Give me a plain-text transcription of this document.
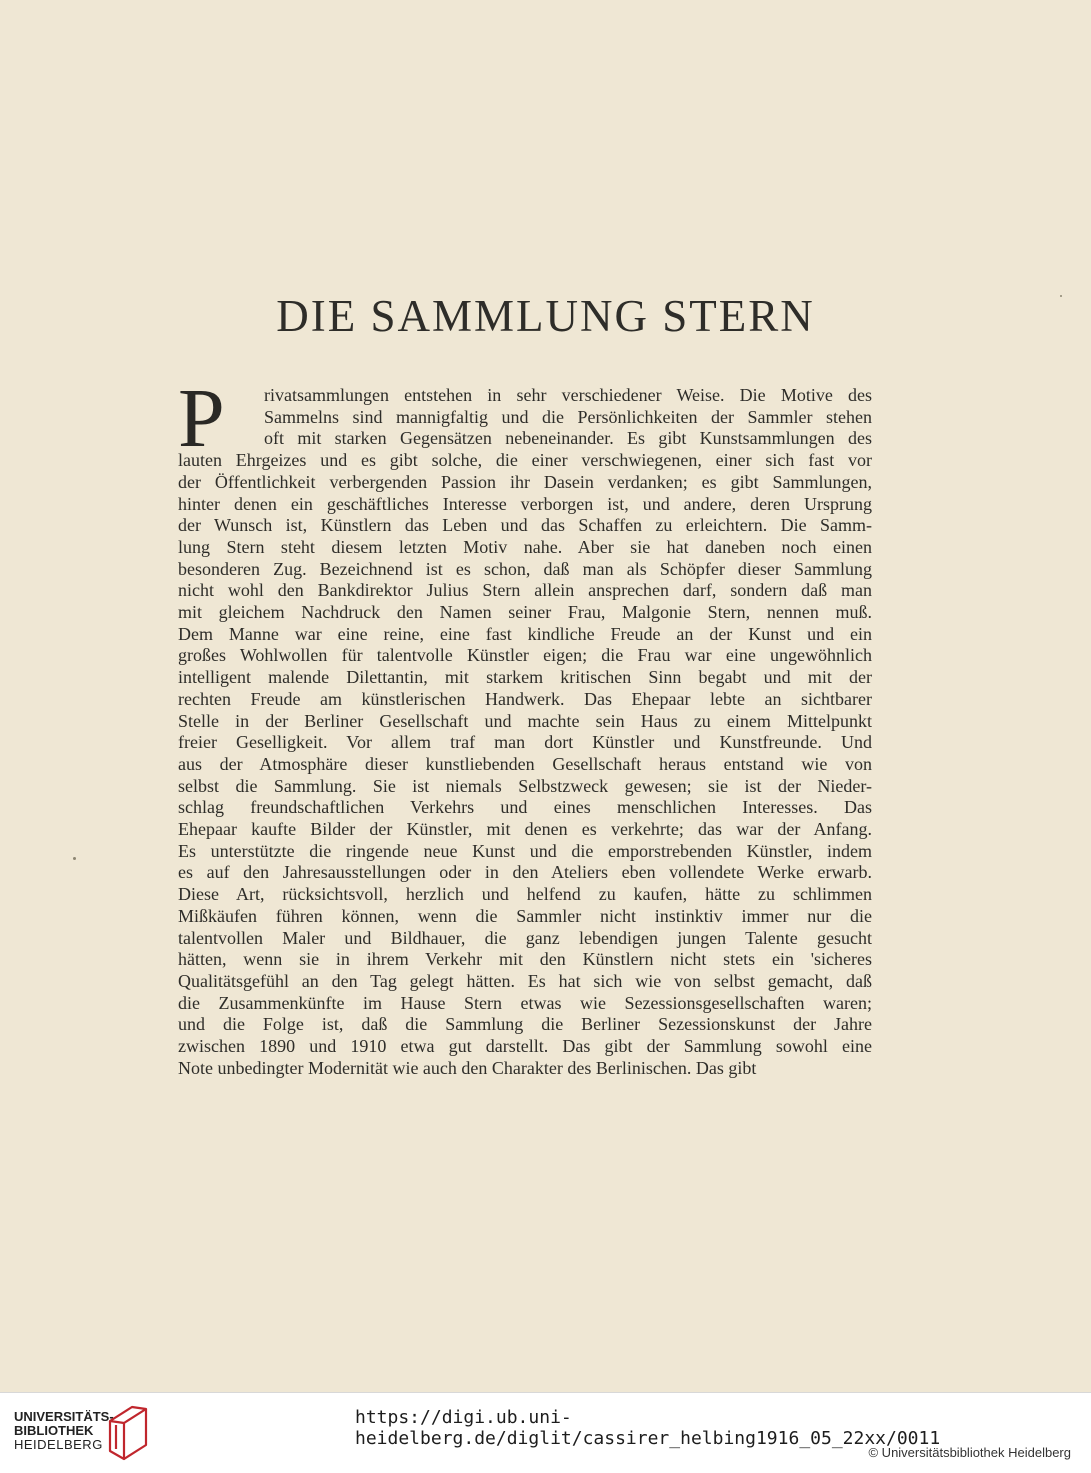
DIE SAMMLUNG STERN
P	rivatsammlungen entstehen in sehr verschiedener Weise. Die Motive des
Sammelns sind mannigfaltig und die Persönlichkeiten der Sammler stehen
oft mit starken Gegensätzen nebeneinander. Es gibt Kunstsammlungen des
lauten Ehrgeizes und es gibt solche, die einer verschwiegenen, einer sich fast vor
der Öffentlichkeit verbergenden Passion ihr Dasein verdanken; es gibt Sammlungen,
hinter denen ein geschäftliches Interesse verborgen ist, und andere, deren Ursprung
der Wunsch ist, Künstlern das Leben und das Schaffen zu erleichtern. Die Samm-
lung Stern steht diesem letzten Motiv nahe. Aber sie hat daneben noch einen
besonderen Zug. Bezeichnend ist es schon, daß man als Schöpfer dieser Sammlung
nicht wohl den Bankdirektor Julius Stern allein ansprechen darf, sondern daß man
mit gleichem Nachdruck den Namen seiner Frau, Malgonie Stern, nennen muß.
Dem Manne war eine reine, eine fast kindliche Freude an der Kunst und ein
großes Wohlwollen für talentvolle Künstler eigen; die Frau war eine ungewöhnlich
intelligent malende Dilettantin, mit starkem kritischen Sinn begabt und mit der
rechten Freude am künstlerischen Handwerk. Das Ehepaar lebte an sichtbarer
Stelle in der Berliner Gesellschaft und machte sein Haus zu einem Mittelpunkt
freier Geselligkeit. Vor allem traf man dort Künstler und Kunstfreunde. Und
aus der Atmosphäre dieser kunstliebenden Gesellschaft heraus entstand wie von
selbst die Sammlung. Sie ist niemals Selbstzweck gewesen; sie ist der Nieder-
schlag freundschaftlichen Verkehrs und eines menschlichen Interesses. Das
Ehepaar kaufte Bilder der Künstler, mit denen es verkehrte; das war der Anfang.
Es unterstützte die ringende neue Kunst und die emporstrebenden Künstler, indem
es auf den Jahresausstellungen oder in den Ateliers eben vollendete Werke erwarb.
Diese Art, rücksichtsvoll, herzlich und helfend zu kaufen, hätte zu schlimmen
Mißkäufen führen können, wenn die Sammler nicht instinktiv immer nur die
talentvollen Maler und Bildhauer, die ganz lebendigen jungen Talente gesucht
hätten, wenn sie in ihrem Verkehr mit den Künstlern nicht stets ein 'sicheres
Qualitätsgefühl an den Tag gelegt hätten. Es hat sich wie von selbst gemacht, daß
die Zusammenkünfte im Hause Stern etwas wie Sezessionsgesellschaften waren;
und die Folge ist, daß die Sammlung die Berliner Sezessionskunst der Jahre
zwischen 1890 und 1910 etwa gut darstellt. Das gibt der Sammlung sowohl eine
Note unbedingter Modernität wie auch den Charakter des Berlinischen. Das gibt
UNIVERSITÄTS-
BIBLIOTHEK
HEIDELBERG
https://digi.ub.uni-heidelberg.de/diglit/cassirer_helbing1916_05_22xx/0011
© Universitätsbibliothek Heidelberg
